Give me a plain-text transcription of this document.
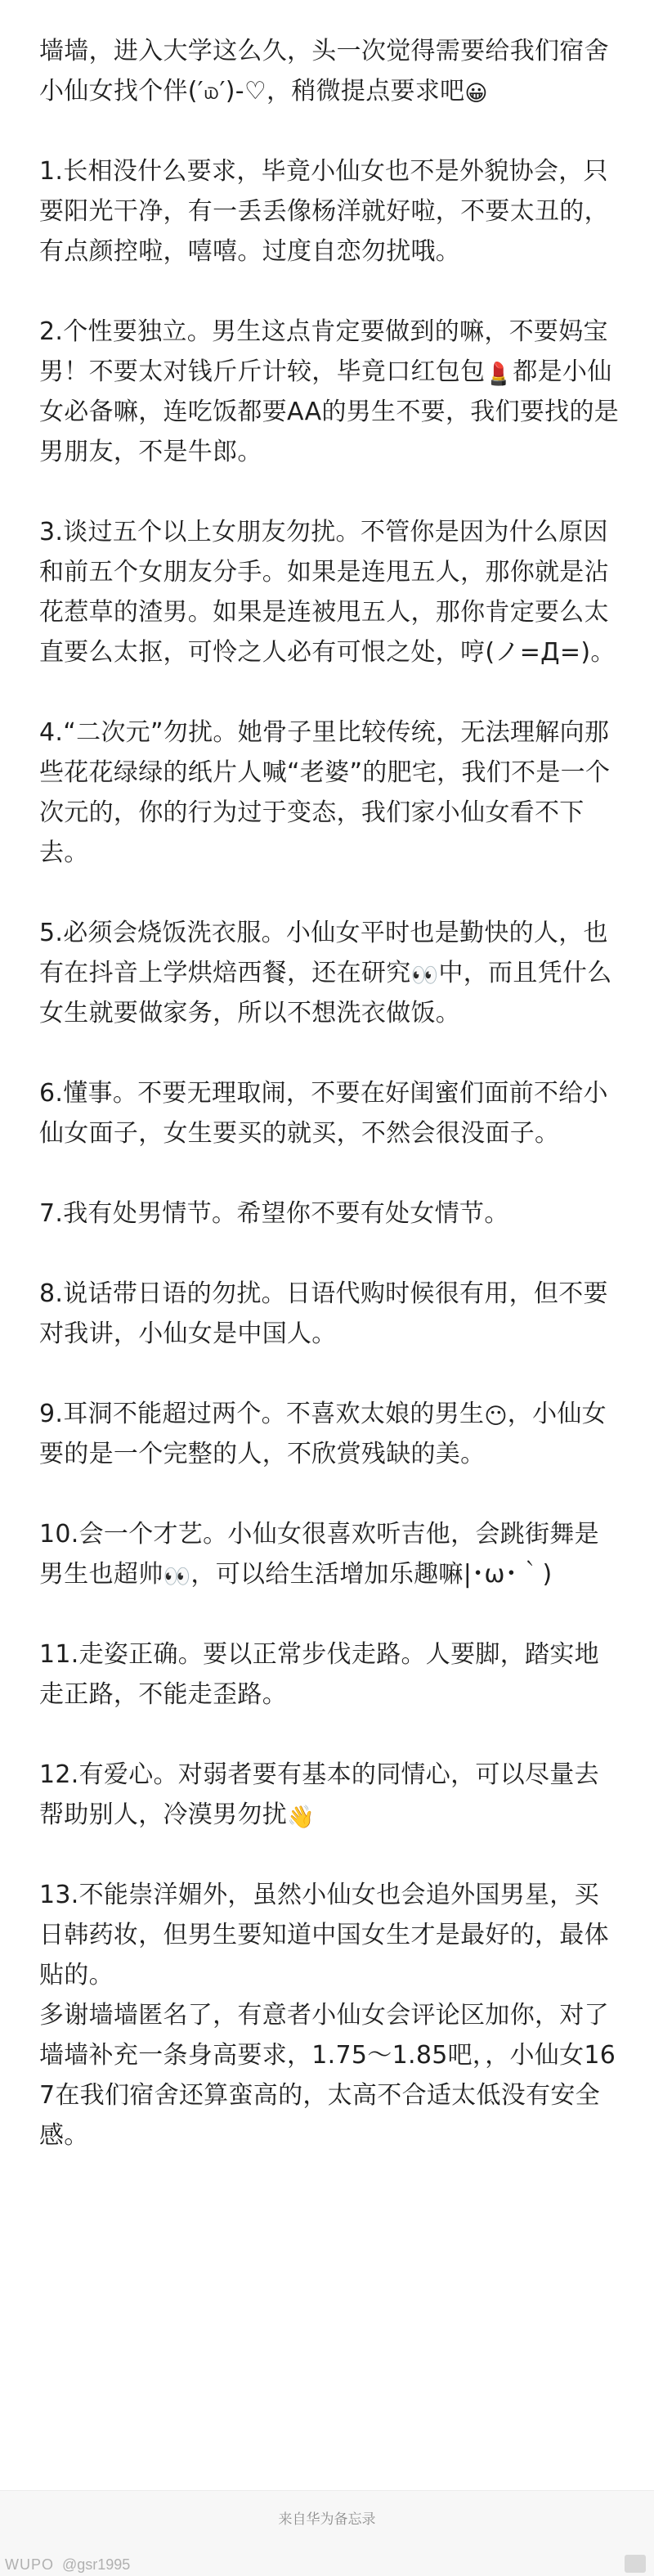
墙墙，进入大学这么久，头一次觉得需要给我们宿舍小仙女找个伴(′௰′)-♡，稍微提点要求吧😀

1.长相没什么要求，毕竟小仙女也不是外貌协会，只要阳光干净，有一丢丢像杨洋就好啦，不要太丑的，有点颜控啦，嘻嘻。过度自恋勿扰哦。

2.个性要独立。男生这点肯定要做到的嘛，不要妈宝男！不要太对钱斤斤计较，毕竟口红包包💄都是小仙女必备嘛，连吃饭都要AA的男生不要，我们要找的是男朋友，不是牛郎。

3.谈过五个以上女朋友勿扰。不管你是因为什么原因和前五个女朋友分手。如果是连甩五人，那你就是沾花惹草的渣男。如果是连被甩五人，那你肯定要么太直要么太抠，可怜之人必有可恨之处，哼(ノ=Д=)。

4.“二次元”勿扰。她骨子里比较传统，无法理解向那些花花绿绿的纸片人喊“老婆”的肥宅，我们不是一个次元的，你的行为过于变态，我们家小仙女看不下去。

5.必须会烧饭洗衣服。小仙女平时也是勤快的人，也有在抖音上学烘焙西餐，还在研究👀中，而且凭什么女生就要做家务，所以不想洗衣做饭。

6.懂事。不要无理取闹，不要在好闺蜜们面前不给小仙女面子，女生要买的就买，不然会很没面子。

7.我有处男情节。希望你不要有处女情节。

8.说话带日语的勿扰。日语代购时候很有用，但不要对我讲，小仙女是中国人。

9.耳洞不能超过两个。不喜欢太娘的男生😶，小仙女要的是一个完整的人，不欣赏残缺的美。

10.会一个才艺。小仙女很喜欢听吉他，会跳街舞是男生也超帅👀，可以给生活增加乐趣嘛|･ω･｀)

11.走姿正确。要以正常步伐走路。人要脚，踏实地走正路，不能走歪路。

12.有爱心。对弱者要有基本的同情心，可以尽量去帮助别人，冷漠男勿扰👋

13.不能崇洋媚外，虽然小仙女也会追外国男星，买日韩药妆，但男生要知道中国女生才是最好的，最体贴的。

多谢墙墙匿名了，有意者小仙女会评论区加你，对了墙墙补充一条身高要求，1.75～1.85吧，，小仙女167在我们宿舍还算蛮高的，太高不合适太低没有安全感。

来自华为备忘录
WUPO @gsr1995
